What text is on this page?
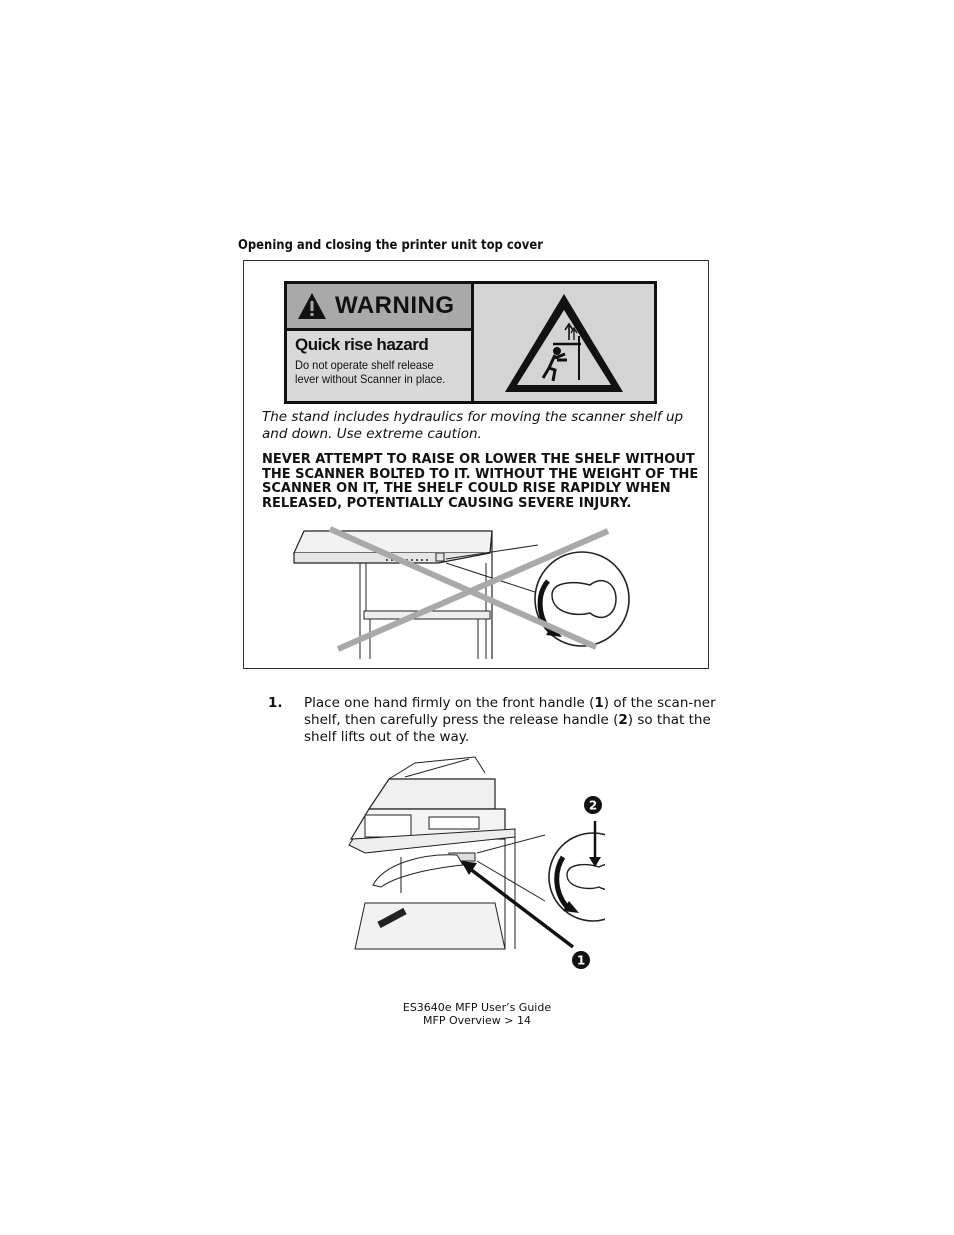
Opening and closing the printer unit top cover
WARNING
Quick rise hazard
Do not operate shelf release
lever without Scanner in place.
The stand includes hydraulics for moving the scanner shelf up and down. Use extreme caution.
NEVER ATTEMPT TO RAISE OR LOWER THE SHELF WITHOUT THE SCANNER BOLTED TO IT. WITHOUT THE WEIGHT OF THE SCANNER ON IT, THE SHELF COULD RISE RAPIDLY WHEN RELEASED, POTENTIALLY CAUSING SEVERE INJURY.
1. Place one hand firmly on the front handle (1) of the scan-ner shelf, then carefully press the release handle (2) so that the shelf lifts out of the way.
2
1
ES3640e MFP User’s Guide
MFP Overview > 14
